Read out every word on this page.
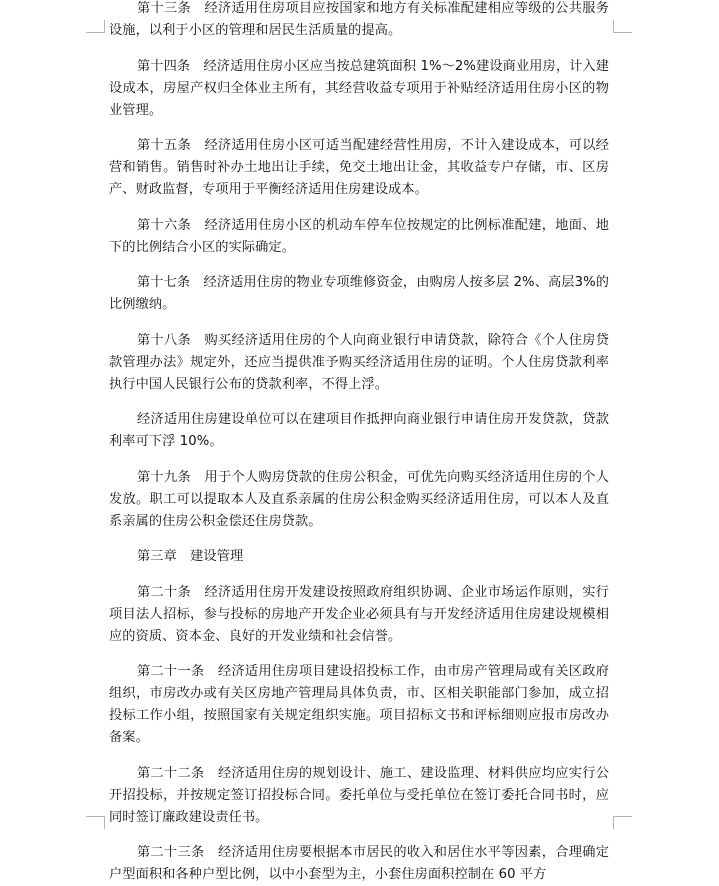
第十三条　经济适用住房项目应按国家和地方有关标准配建相应等级的公共服务设施，以利于小区的管理和居民生活质量的提高。

第十四条　经济适用住房小区应当按总建筑面积 1%～2%建设商业用房，计入建设成本，房屋产权归全体业主所有，其经营收益专项用于补贴经济适用住房小区的物业管理。

第十五条　经济适用住房小区可适当配建经营性用房，不计入建设成本，可以经营和销售。销售时补办土地出让手续，免交土地出让金，其收益专户存储，市、区房产、财政监督，专项用于平衡经济适用住房建设成本。

第十六条　经济适用住房小区的机动车停车位按规定的比例标准配建，地面、地下的比例结合小区的实际确定。

第十七条　经济适用住房的物业专项维修资金，由购房人按多层 2%、高层3%的比例缴纳。

第十八条　购买经济适用住房的个人向商业银行申请贷款，除符合《个人住房贷款管理办法》规定外，还应当提供准予购买经济适用住房的证明。个人住房贷款利率执行中国人民银行公布的贷款利率，不得上浮。

经济适用住房建设单位可以在建项目作抵押向商业银行申请住房开发贷款，贷款利率可下浮 10%。

第十九条　用于个人购房贷款的住房公积金，可优先向购买经济适用住房的个人发放。职工可以提取本人及直系亲属的住房公积金购买经济适用住房，可以本人及直系亲属的住房公积金偿还住房贷款。

第三章　建设管理

第二十条　经济适用住房开发建设按照政府组织协调、企业市场运作原则，实行项目法人招标，参与投标的房地产开发企业必须具有与开发经济适用住房建设规模相应的资质、资本金、良好的开发业绩和社会信誉。

第二十一条　经济适用住房项目建设招投标工作，由市房产管理局或有关区政府组织，市房改办或有关区房地产管理局具体负责，市、区相关职能部门参加，成立招投标工作小组，按照国家有关规定组织实施。项目招标文书和评标细则应报市房改办备案。

第二十二条　经济适用住房的规划设计、施工、建设监理、材料供应均应实行公开招投标，并按规定签订招投标合同。委托单位与受托单位在签订委托合同书时，应同时签订廉政建设责任书。

第二十三条　经济适用住房要根据本市居民的收入和居住水平等因素，合理确定户型面积和各种户型比例，以中小套型为主，小套住房面积控制在 60 平方
